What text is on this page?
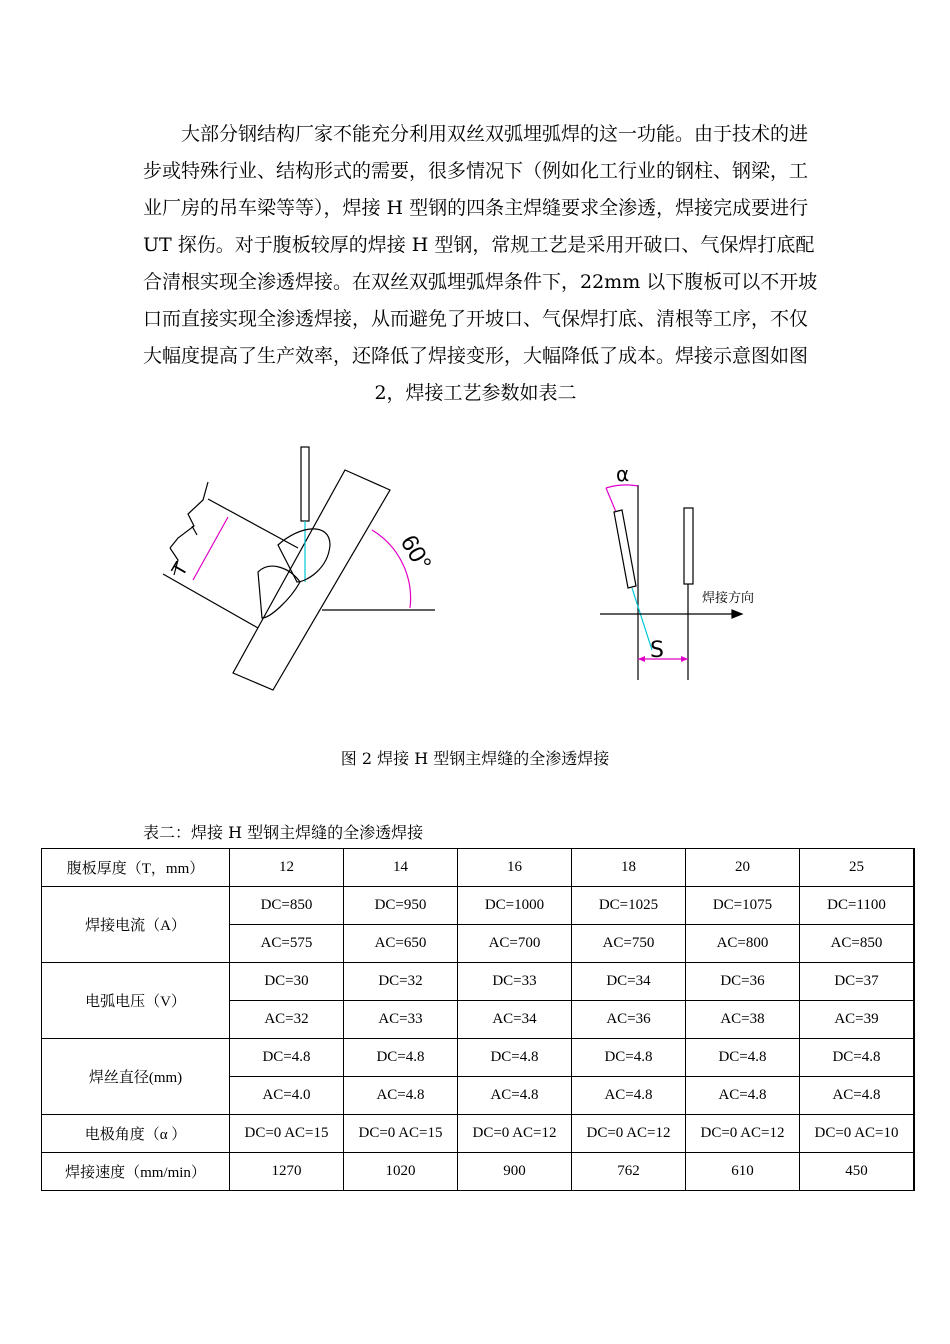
大部分钢结构厂家不能充分利用双丝双弧埋弧焊的这一功能。由于技术的进
步或特殊行业、结构形式的需要，很多情况下（例如化工行业的钢柱、钢梁，工
业厂房的吊车梁等等），焊接 H 型钢的四条主焊缝要求全渗透，焊接完成要进行
UT 探伤。对于腹板较厚的焊接 H 型钢，常规工艺是采用开破口、气保焊打底配
合清根实现全渗透焊接。在双丝双弧埋弧焊条件下，22mm 以下腹板可以不开坡
口而直接实现全渗透焊接，从而避免了开坡口、气保焊打底、清根等工序，不仅
大幅度提高了生产效率，还降低了焊接变形，大幅降低了成本。焊接示意图如图
2，焊接工艺参数如表二
T	60°
α
焊接方向
S
图 2 焊接 H 型钢主焊缝的全渗透焊接
表二：焊接 H 型钢主焊缝的全渗透焊接
腹板厚度（T，mm）	12	14	16	18	20	25
焊接电流（A）	DC=850	DC=950	DC=1000	DC=1025	DC=1075	DC=1100
	AC=575	AC=650	AC=700	AC=750	AC=800	AC=850
电弧电压（V）	DC=30	DC=32	DC=33	DC=34	DC=36	DC=37
	AC=32	AC=33	AC=34	AC=36	AC=38	AC=39
焊丝直径(mm)	DC=4.8	DC=4.8	DC=4.8	DC=4.8	DC=4.8	DC=4.8
	AC=4.0	AC=4.8	AC=4.8	AC=4.8	AC=4.8	AC=4.8
电极角度（α ）	DC=0 AC=15	DC=0 AC=15	DC=0 AC=12	DC=0 AC=12	DC=0 AC=12	DC=0 AC=10
焊接速度（mm/min）	1270	1020	900	762	610	450
